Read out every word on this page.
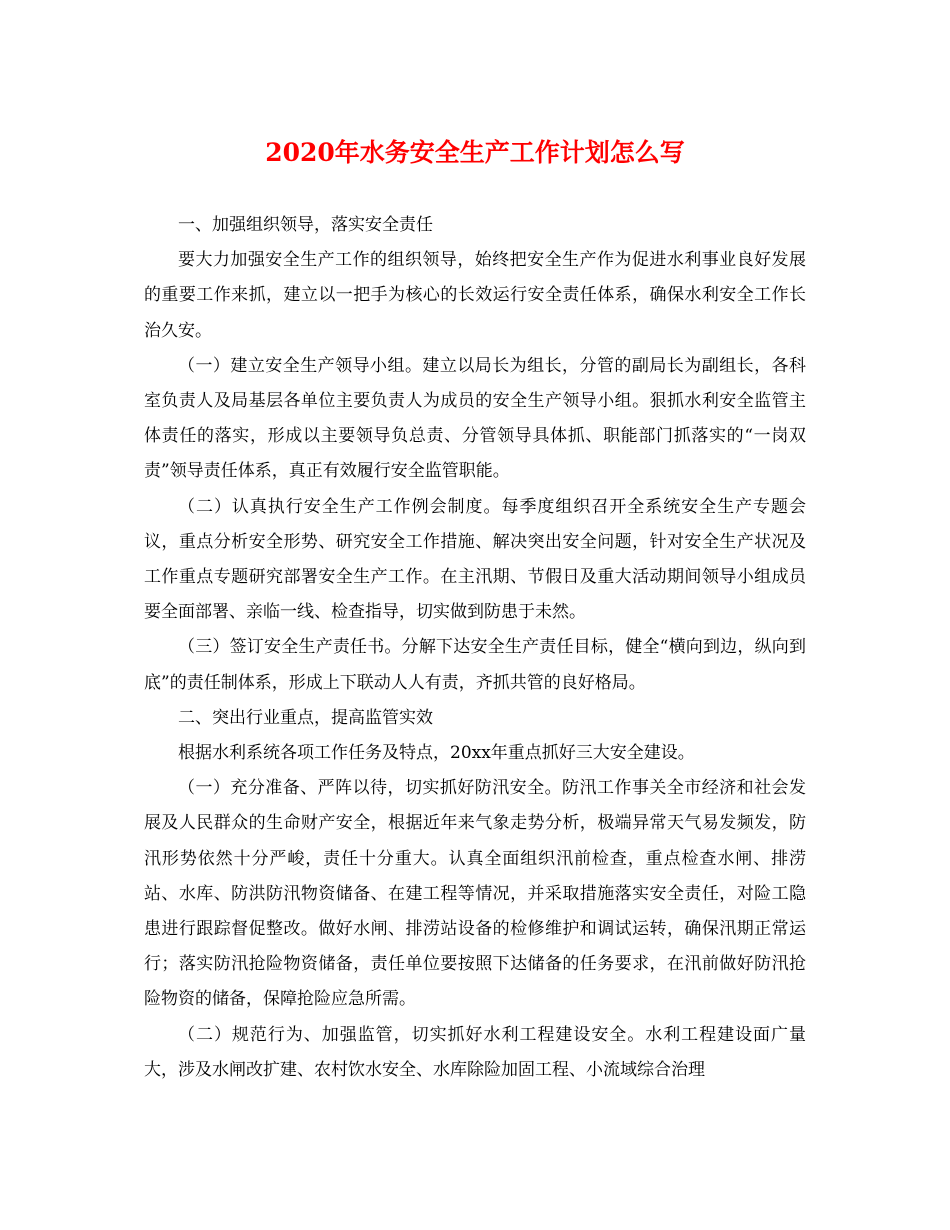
2020年水务安全生产工作计划怎么写

一、加强组织领导，落实安全责任

要大力加强安全生产工作的组织领导，始终把安全生产作为促进水利事业良好发展的重要工作来抓，建立以一把手为核心的长效运行安全责任体系，确保水利安全工作长治久安。

（一）建立安全生产领导小组。建立以局长为组长，分管的副局长为副组长，各科室负责人及局基层各单位主要负责人为成员的安全生产领导小组。狠抓水利安全监管主体责任的落实，形成以主要领导负总责、分管领导具体抓、职能部门抓落实的“一岗双责”领导责任体系，真正有效履行安全监管职能。

（二）认真执行安全生产工作例会制度。每季度组织召开全系统安全生产专题会议，重点分析安全形势、研究安全工作措施、解决突出安全问题，针对安全生产状况及工作重点专题研究部署安全生产工作。在主汛期、节假日及重大活动期间领导小组成员要全面部署、亲临一线、检查指导，切实做到防患于未然。

（三）签订安全生产责任书。分解下达安全生产责任目标，健全“横向到边，纵向到底”的责任制体系，形成上下联动人人有责，齐抓共管的良好格局。

二、突出行业重点，提高监管实效

根据水利系统各项工作任务及特点，20xx年重点抓好三大安全建设。

（一）充分准备、严阵以待，切实抓好防汛安全。防汛工作事关全市经济和社会发展及人民群众的生命财产安全，根据近年来气象走势分析，极端异常天气易发频发，防汛形势依然十分严峻，责任十分重大。认真全面组织汛前检查，重点检查水闸、排涝站、水库、防洪防汛物资储备、在建工程等情况，并采取措施落实安全责任，对险工隐患进行跟踪督促整改。做好水闸、排涝站设备的检修维护和调试运转，确保汛期正常运行；落实防汛抢险物资储备，责任单位要按照下达储备的任务要求，在汛前做好防汛抢险物资的储备，保障抢险应急所需。

（二）规范行为、加强监管，切实抓好水利工程建设安全。水利工程建设面广量大，涉及水闸改扩建、农村饮水安全、水库除险加固工程、小流域综合治理
